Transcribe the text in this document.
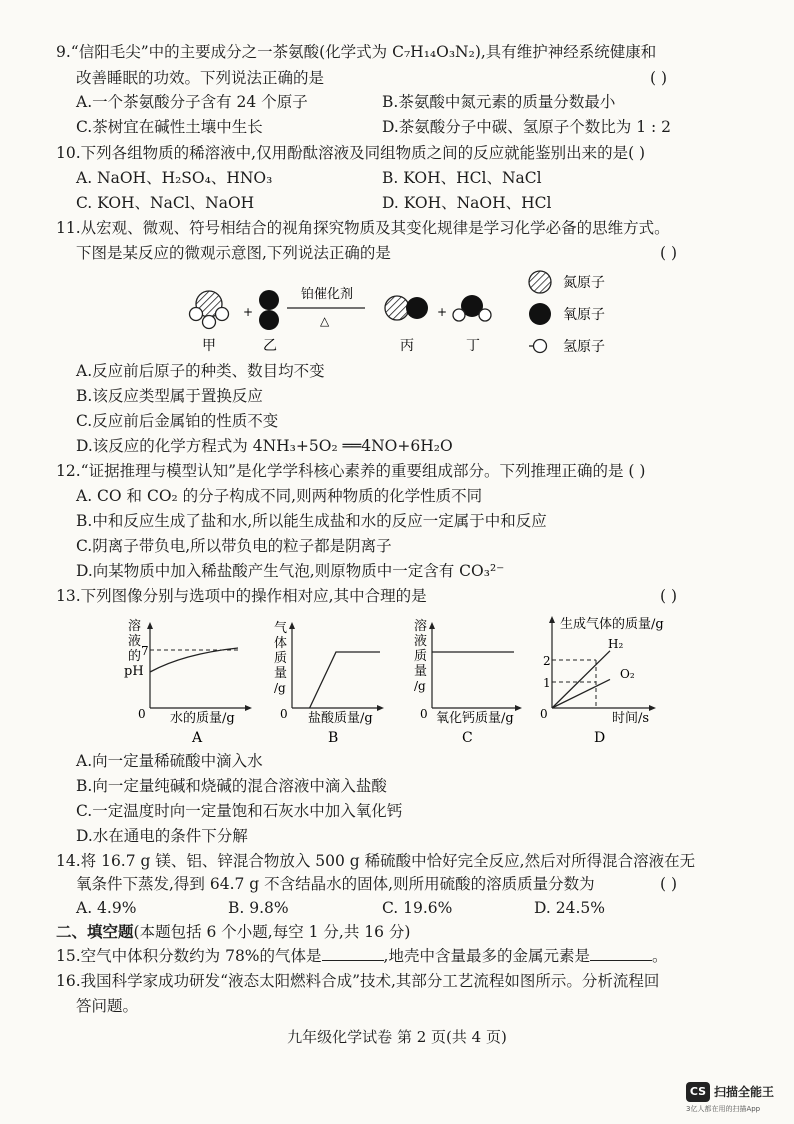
9.“信阳毛尖”中的主要成分之一茶氨酸(化学式为 C₇H₁₄O₃N₂),具有维护神经系统健康和
改善睡眠的功效。下列说法正确的是	( )
A.一个茶氨酸分子含有 24 个原子	B.茶氨酸中氮元素的质量分数最小
C.茶树宜在碱性土壤中生长	D.茶氨酸分子中碳、氢原子个数比为 1 : 2
10.下列各组物质的稀溶液中,仅用酚酞溶液及同组物质之间的反应就能鉴别出来的是( )
A. NaOH、H₂SO₄、HNO₃	B. KOH、HCl、NaCl
C. KOH、NaCl、NaOH	D. KOH、NaOH、HCl
11.从宏观、微观、符号相结合的视角探究物质及其变化规律是学习化学必备的思维方式。
下图是某反应的微观示意图,下列说法正确的是	( )
+
铂催化剂
△
+
甲	乙	丙	丁
氮原子
氧原子
氢原子
A.反应前后原子的种类、数目均不变
B.该反应类型属于置换反应
C.反应前后金属铂的性质不变
D.该反应的化学方程式为 4NH₃+5O₂ ══4NO+6H₂O
12.“证据推理与模型认知”是化学学科核心素养的重要组成部分。下列推理正确的是 ( )
A. CO 和 CO₂ 的分子构成不同,则两种物质的化学性质不同
B.中和反应生成了盐和水,所以能生成盐和水的反应一定属于中和反应
C.阴离子带负电,所以带负电的粒子都是阴离子
D.向某物质中加入稀盐酸产生气泡,则原物质中一定含有 CO₃²⁻
13.下列图像分别与选项中的操作相对应,其中合理的是	( )
7
溶
液
的
pH
0 水的质量/g
A
气
体
质
量
/g
0 盐酸质量/g
B
溶
液
质
量
/g
0 氧化钙质量/g
C
2
1
生成气体的质量/g
H₂
O₂
0	时间/s
D
A.向一定量稀硫酸中滴入水
B.向一定量纯碱和烧碱的混合溶液中滴入盐酸
C.一定温度时向一定量饱和石灰水中加入氧化钙
D.水在通电的条件下分解
14.将 16.7 g 镁、铝、锌混合物放入 500 g 稀硫酸中恰好完全反应,然后对所得混合溶液在无
氧条件下蒸发,得到 64.7 g 不含结晶水的固体,则所用硫酸的溶质质量分数为	( )
A. 4.9%	B. 9.8%	C. 19.6%	D. 24.5%
二、填空题(本题包括 6 个小题,每空 1 分,共 16 分)
15.空气中体积分数约为 78%的气体是	,地壳中含量最多的金属元素是	。
16.我国科学家成功研发“液态太阳燃料合成”技术,其部分工艺流程如图所示。分析流程回
答问题。
九年级化学试卷 第 2 页(共 4 页)
CS 扫描全能王
3亿人都在用的扫描App
